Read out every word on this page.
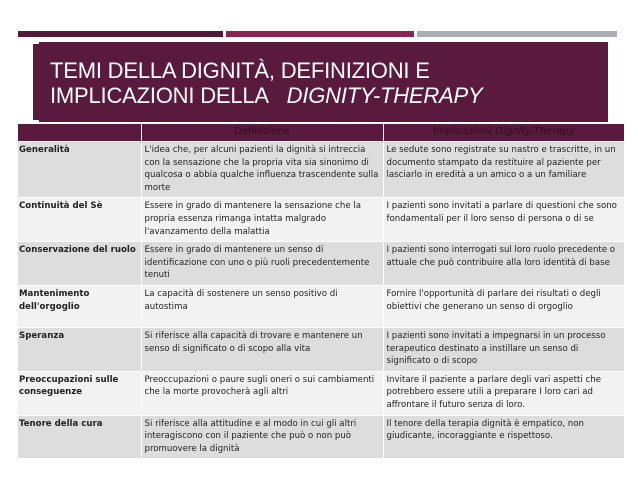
TEMI DELLA DIGNITÀ, DEFINIZIONI E
IMPLICAZIONI DELLA DIGNITY-THERAPY
	Definizione	Implicazioni Dignity-Therapy
Generalità	L'idea che, per alcuni pazienti la dignità si intreccia con la sensazione che la propria vita sia sinonimo di qualcosa o abbia qualche influenza trascendente sulla morte	Le sedute sono registrate su nastro e trascritte, in un documento stampato da restituire al paziente per lasciarlo in eredità a un amico o a un familiare
Continuità del Sè	Essere in grado di mantenere la sensazione che la propria essenza rimanga intatta malgrado l'avanzamento della malattia	I pazienti sono invitati a parlare di questioni che sono fondamentali per il loro senso di persona o di se
Conservazione del ruolo	Essere in grado di mantenere un senso di identificazione con uno o più ruoli precedentemente tenuti	I pazienti sono interrogati sul loro ruolo precedente o attuale che può contribuire alla loro identità di base
Mantenimento dell'orgoglio	La capacità di sostenere un senso positivo di autostima	Fornire l'opportunità di parlare dei risultati o degli obiettivi che generano un senso di orgoglio
Speranza	Si riferisce alla capacità di trovare e mantenere un senso di significato o di scopo alla vita	I pazienti sono invitati a impegnarsi in un processo terapeutico destinato a instillare un senso di significato o di scopo
Preoccupazioni sulle conseguenze	Preoccupazioni o paure sugli oneri o sui cambiamenti che la morte provocherà agli altri	Invitare il paziente a parlare degli vari aspetti che potrebbero essere utili a preparare I loro cari ad affrontare il futuro senza di loro.
Tenore della cura	Si riferisce alla attitudine e al modo in cui gli altri interagiscono con il paziente che può o non può promuovere la dignità	Il tenore della terapia dignità è empatico, non giudicante, incoraggiante e rispettoso.
